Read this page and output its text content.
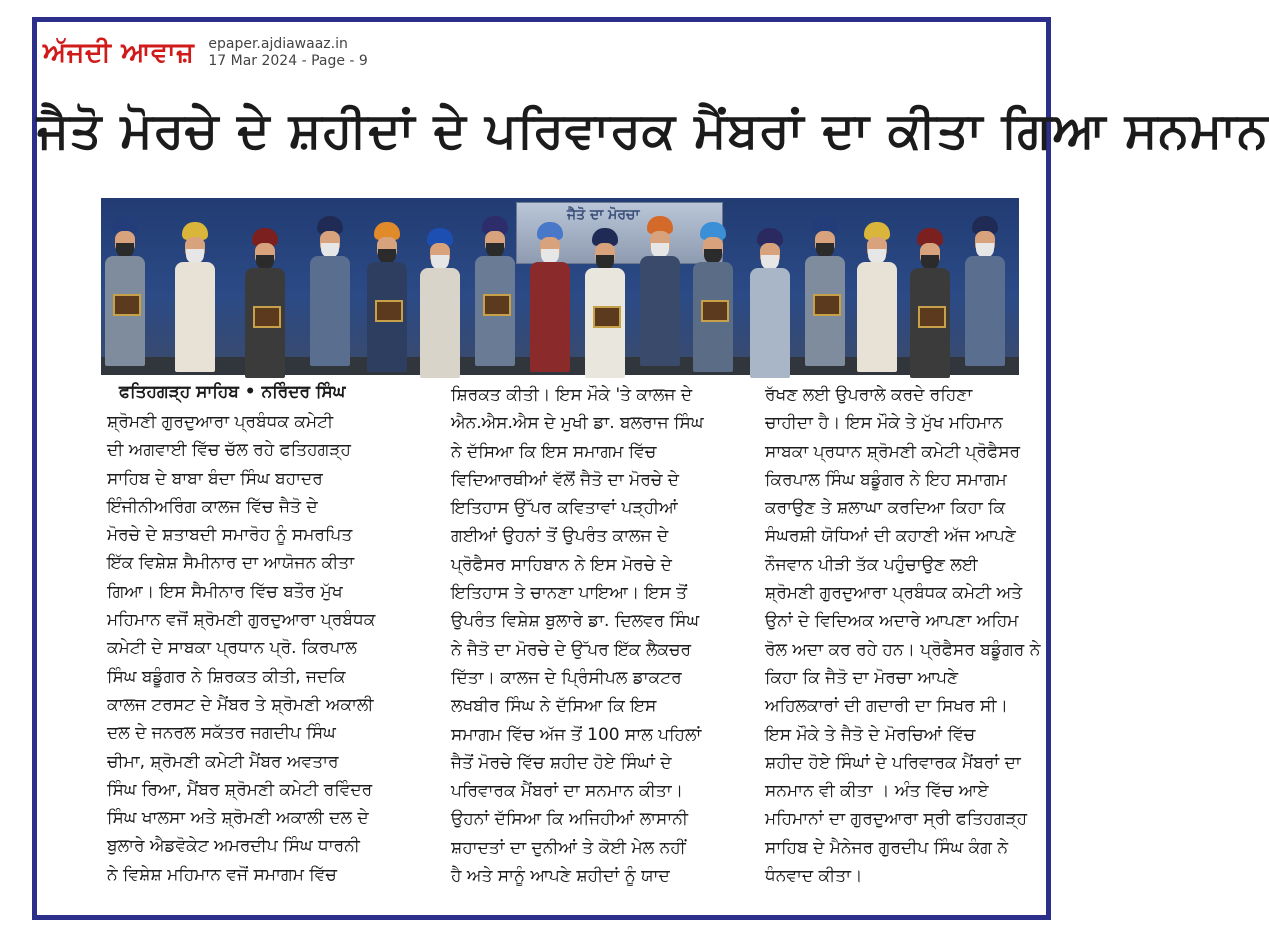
ਅੱਜਦੀ ਆਵਾਜ਼ epaper.ajdiawaaz.in
17 Mar 2024 - Page - 9
ਜੈਤੋ ਮੋਰਚੇ ਦੇ ਸ਼ਹੀਦਾਂ ਦੇ ਪਰਿਵਾਰਕ ਮੈਂਬਰਾਂ ਦਾ ਕੀਤਾ ਗਿਆ ਸਨਮਾਨ
ਜੈਤੋ ਦਾ ਮੋਰਚਾ
ਫਤਿਹਗੜ੍ਹ ਸਾਹਿਬ • ਨਰਿੰਦਰ ਸਿੰਘ
ਸ਼੍ਰੋਮਣੀ ਗੁਰਦੁਆਰਾ ਪ੍ਰਬੰਧਕ ਕਮੇਟੀ
ਦੀ ਅਗਵਾਈ ਵਿੱਚ ਚੱਲ ਰਹੇ ਫਤਿਹਗੜ੍ਹ
ਸਾਹਿਬ ਦੇ ਬਾਬਾ ਬੰਦਾ ਸਿੰਘ ਬਹਾਦਰ
ਇੰਜੀਨੀਅਰਿੰਗ ਕਾਲਜ ਵਿੱਚ ਜੈਤੋ ਦੇ
ਮੋਰਚੇ ਦੇ ਸ਼ਤਾਬਦੀ ਸਮਾਰੋਹ ਨੂੰ ਸਮਰਪਿਤ
ਇੱਕ ਵਿਸ਼ੇਸ਼ ਸੈਮੀਨਾਰ ਦਾ ਆਯੋਜਨ ਕੀਤਾ
ਗਿਆ। ਇਸ ਸੈਮੀਨਾਰ ਵਿੱਚ ਬਤੌਰ ਮੁੱਖ
ਮਹਿਮਾਨ ਵਜੋਂ ਸ਼੍ਰੋਮਣੀ ਗੁਰਦੁਆਰਾ ਪ੍ਰਬੰਧਕ
ਕਮੇਟੀ ਦੇ ਸਾਬਕਾ ਪ੍ਰਧਾਨ ਪ੍ਰੋ. ਕਿਰਪਾਲ
ਸਿੰਘ ਬਡੂੰਗਰ ਨੇ ਸ਼ਿਰਕਤ ਕੀਤੀ, ਜਦਕਿ
ਕਾਲਜ ਟਰਸਟ ਦੇ ਮੈਂਬਰ ਤੇ ਸ਼੍ਰੋਮਣੀ ਅਕਾਲੀ
ਦਲ ਦੇ ਜਨਰਲ ਸਕੱਤਰ ਜਗਦੀਪ ਸਿੰਘ
ਚੀਮਾ, ਸ਼੍ਰੋਮਣੀ ਕਮੇਟੀ ਮੈਂਬਰ ਅਵਤਾਰ
ਸਿੰਘ ਰਿਆ, ਮੈਂਬਰ ਸ਼੍ਰੋਮਣੀ ਕਮੇਟੀ ਰਵਿੰਦਰ
ਸਿੰਘ ਖਾਲਸਾ ਅਤੇ ਸ਼੍ਰੋਮਣੀ ਅਕਾਲੀ ਦਲ ਦੇ
ਬੁਲਾਰੇ ਐਡਵੋਕੇਟ ਅਮਰਦੀਪ ਸਿੰਘ ਧਾਰਨੀ
ਨੇ ਵਿਸ਼ੇਸ਼ ਮਹਿਮਾਨ ਵਜੋਂ ਸਮਾਗਮ ਵਿੱਚ
ਸ਼ਿਰਕਤ ਕੀਤੀ। ਇਸ ਮੌਕੇ 'ਤੇ ਕਾਲਜ ਦੇ
ਐਨ.ਐਸ.ਐਸ ਦੇ ਮੁਖੀ ਡਾ. ਬਲਰਾਜ ਸਿੰਘ
ਨੇ ਦੱਸਿਆ ਕਿ ਇਸ ਸਮਾਗਮ ਵਿੱਚ
ਵਿਦਿਆਰਥੀਆਂ ਵੱਲੋਂ ਜੈਤੋ ਦਾ ਮੋਰਚੇ ਦੇ
ਇਤਿਹਾਸ ਉੱਪਰ ਕਵਿਤਾਵਾਂ ਪੜ੍ਹੀਆਂ
ਗਈਆਂ ਉਹਨਾਂ ਤੋਂ ਉਪਰੰਤ ਕਾਲਜ ਦੇ
ਪ੍ਰੋਫੈਸਰ ਸਾਹਿਬਾਨ ਨੇ ਇਸ ਮੋਰਚੇ ਦੇ
ਇਤਿਹਾਸ ਤੇ ਚਾਨਣਾ ਪਾਇਆ। ਇਸ ਤੋਂ
ਉਪਰੰਤ ਵਿਸ਼ੇਸ਼ ਬੁਲਾਰੇ ਡਾ. ਦਿਲਵਰ ਸਿੰਘ
ਨੇ ਜੈਤੋ ਦਾ ਮੋਰਚੇ ਦੇ ਉੱਪਰ ਇੱਕ ਲੈਕਚਰ
ਦਿੱਤਾ। ਕਾਲਜ ਦੇ ਪ੍ਰਿੰਸੀਪਲ ਡਾਕਟਰ
ਲਖਬੀਰ ਸਿੰਘ ਨੇ ਦੱਸਿਆ ਕਿ ਇਸ
ਸਮਾਗਮ ਵਿੱਚ ਅੱਜ ਤੋਂ 100 ਸਾਲ ਪਹਿਲਾਂ
ਜੈਤੋਂ ਮੋਰਚੇ ਵਿੱਚ ਸ਼ਹੀਦ ਹੋਏ ਸਿੰਘਾਂ ਦੇ
ਪਰਿਵਾਰਕ ਮੈਂਬਰਾਂ ਦਾ ਸਨਮਾਨ ਕੀਤਾ।
ਉਹਨਾਂ ਦੱਸਿਆ ਕਿ ਅਜਿਹੀਆਂ ਲਾਸਾਨੀ
ਸ਼ਹਾਦਤਾਂ ਦਾ ਦੁਨੀਆਂ ਤੇ ਕੋਈ ਮੇਲ ਨਹੀਂ
ਹੈ ਅਤੇ ਸਾਨੂੰ ਆਪਣੇ ਸ਼ਹੀਦਾਂ ਨੂੰ ਯਾਦ
ਰੱਖਣ ਲਈ ਉਪਰਾਲੇ ਕਰਦੇ ਰਹਿਣਾ
ਚਾਹੀਦਾ ਹੈ। ਇਸ ਮੌਕੇ ਤੇ ਮੁੱਖ ਮਹਿਮਾਨ
ਸਾਬਕਾ ਪ੍ਰਧਾਨ ਸ਼੍ਰੋਮਣੀ ਕਮੇਟੀ ਪ੍ਰੋਫੈਸਰ
ਕਿਰਪਾਲ ਸਿੰਘ ਬਡੂੰਗਰ ਨੇ ਇਹ ਸਮਾਗਮ
ਕਰਾਉਣ ਤੇ ਸ਼ਲਾਘਾ ਕਰਦਿਆ ਕਿਹਾ ਕਿ
ਸੰਘਰਸ਼ੀ ਯੋਧਿਆਂ ਦੀ ਕਹਾਣੀ ਅੱਜ ਆਪਣੇ
ਨੌਜਵਾਨ ਪੀੜੀ ਤੱਕ ਪਹੁੰਚਾਉਣ ਲਈ
ਸ਼੍ਰੋਮਣੀ ਗੁਰਦੁਆਰਾ ਪ੍ਰਬੰਧਕ ਕਮੇਟੀ ਅਤੇ
ਉਨਾਂ ਦੇ ਵਿਦਿਅਕ ਅਦਾਰੇ ਆਪਣਾ ਅਹਿਮ
ਰੋਲ ਅਦਾ ਕਰ ਰਹੇ ਹਨ। ਪ੍ਰੋਫੈਸਰ ਬਡੂੰਗਰ ਨੇ
ਕਿਹਾ ਕਿ ਜੈਤੋ ਦਾ ਮੋਰਚਾ ਆਪਣੇ
ਅਹਿਲਕਾਰਾਂ ਦੀ ਗਦਾਰੀ ਦਾ ਸਿਖਰ ਸੀ।
ਇਸ ਮੌਕੇ ਤੇ ਜੈਤੋ ਦੇ ਮੋਰਚਿਆਂ ਵਿੱਚ
ਸ਼ਹੀਦ ਹੋਏ ਸਿੰਘਾਂ ਦੇ ਪਰਿਵਾਰਕ ਮੈਂਬਰਾਂ ਦਾ
ਸਨਮਾਨ ਵੀ ਕੀਤਾ । ਅੰਤ ਵਿੱਚ ਆਏ
ਮਹਿਮਾਨਾਂ ਦਾ ਗੁਰਦੁਆਰਾ ਸ੍ਰੀ ਫਤਿਹਗੜ੍ਹ
ਸਾਹਿਬ ਦੇ ਮੈਨੇਜਰ ਗੁਰਦੀਪ ਸਿੰਘ ਕੰਗ ਨੇ
ਧੰਨਵਾਦ ਕੀਤਾ।
